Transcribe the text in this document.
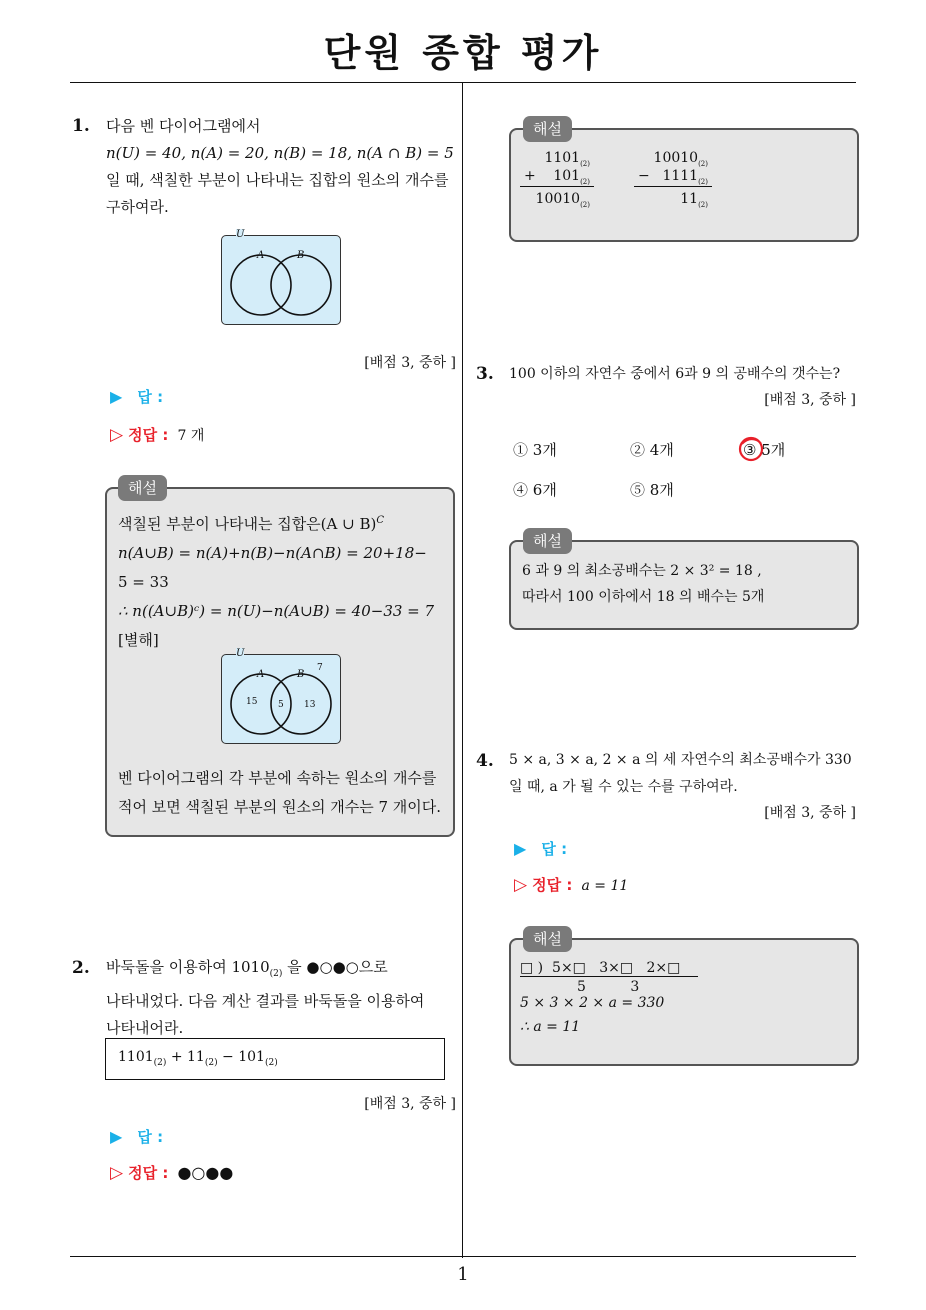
단원 종합 평가
1
1. 다음 벤 다이어그램에서
n(U) = 40, n(A) = 20, n(B) = 18, n(A ∩ B) = 5
일 때, 색칠한 부분이 나타내는 집합의 원소의 개수를
구하여라.
U
A	B
[배점 3, 중하 ]
▶ 답 :
▷ 정답 : 7 개
해설
색칠된 부분이 나타내는 집합은(A ∪ B)$^C$
n(A∪B) = n(A)+n(B)−n(A∩B) = 20+18−
5 = 33
∴ n((A∪B)ᶜ) = n(U)−n(A∪B) = 40−33 = 7
[별해]
U
A	B
7
15 5 13
벤 다이어그램의 각 부분에 속하는 원소의 개수를
적어 보면 색칠된 부분의 원소의 개수는 7 개이다.
2. 바둑돌을 이용하여 $1010_{(2)}$ 을 ●○●○으로
나타내었다. 다음 계산 결과를 바둑돌을 이용하여
나타내어라.
$1101_{(2)} + 11_{(2)} - 101_{(2)}$
[배점 3, 중하 ]
▶ 답 :
▷ 정답 : ●○●●
해설
$1101_{(2)}$
+ $101_{(2)}$
$10010_{(2)}$
$10010_{(2)}$
− $1111_{(2)}$
$11_{(2)}$
3. 100 이하의 자연수 중에서 6과 9 의 공배수의 갯수는?
[배점 3, 중하 ]
① 3개	② 4개	③ 5개
④ 6개	⑤ 8개
해설
6 과 9 의 최소공배수는 2 × 3² = 18 ,
따라서 100 이하에서 18 의 배수는 5개
4. 5 × a, 3 × a, 2 × a 의 세 자연수의 최소공배수가 330
일 때, a 가 될 수 있는 수를 구하여라.
[배점 3, 중하 ]
▶ 답 :
▷ 정답 : a = 11
해설
□ )  5×□   3×□   2×□
5          3
5 × 3 × 2 × a = 330
∴ a = 11
